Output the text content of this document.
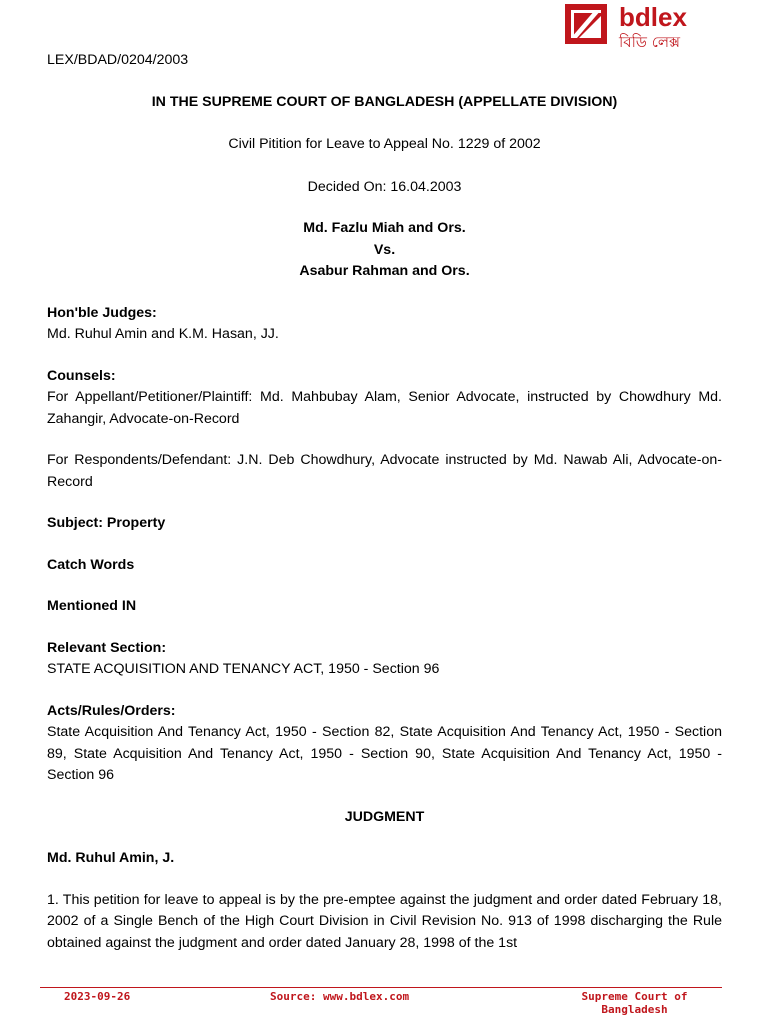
bdlex
বিডি লেক্স

LEX/BDAD/0204/2003

IN THE SUPREME COURT OF BANGLADESH (APPELLATE DIVISION)

Civil Pitition for Leave to Appeal No. 1229 of 2002

Decided On: 16.04.2003

Md. Fazlu Miah and Ors.

Vs.

Asabur Rahman and Ors.

Hon'ble Judges:

Md. Ruhul Amin and K.M. Hasan, JJ.

Counsels:

For Appellant/Petitioner/Plaintiff: Md. Mahbubay Alam, Senior Advocate, instructed by Chowdhury Md. Zahangir, Advocate-on-Record

For Respondents/Defendant: J.N. Deb Chowdhury, Advocate instructed by Md. Nawab Ali, Advocate-on-Record

Subject: Property

Catch Words

Mentioned IN

Relevant Section:

STATE ACQUISITION AND TENANCY ACT, 1950 - Section 96

Acts/Rules/Orders:

State Acquisition And Tenancy Act, 1950 - Section 82, State Acquisition And Tenancy Act, 1950 - Section 89, State Acquisition And Tenancy Act, 1950 - Section 90, State Acquisition And Tenancy Act, 1950 - Section 96

JUDGMENT

Md. Ruhul Amin, J.

1. This petition for leave to appeal is by the pre-emptee against the judgment and order dated February 18, 2002 of a Single Bench of the High Court Division in Civil Revision No. 913 of 1998 discharging the Rule obtained against the judgment and order dated January 28, 1998 of the 1st

2023-09-26	Source: www.bdlex.com	Supreme Court of Bangladesh
